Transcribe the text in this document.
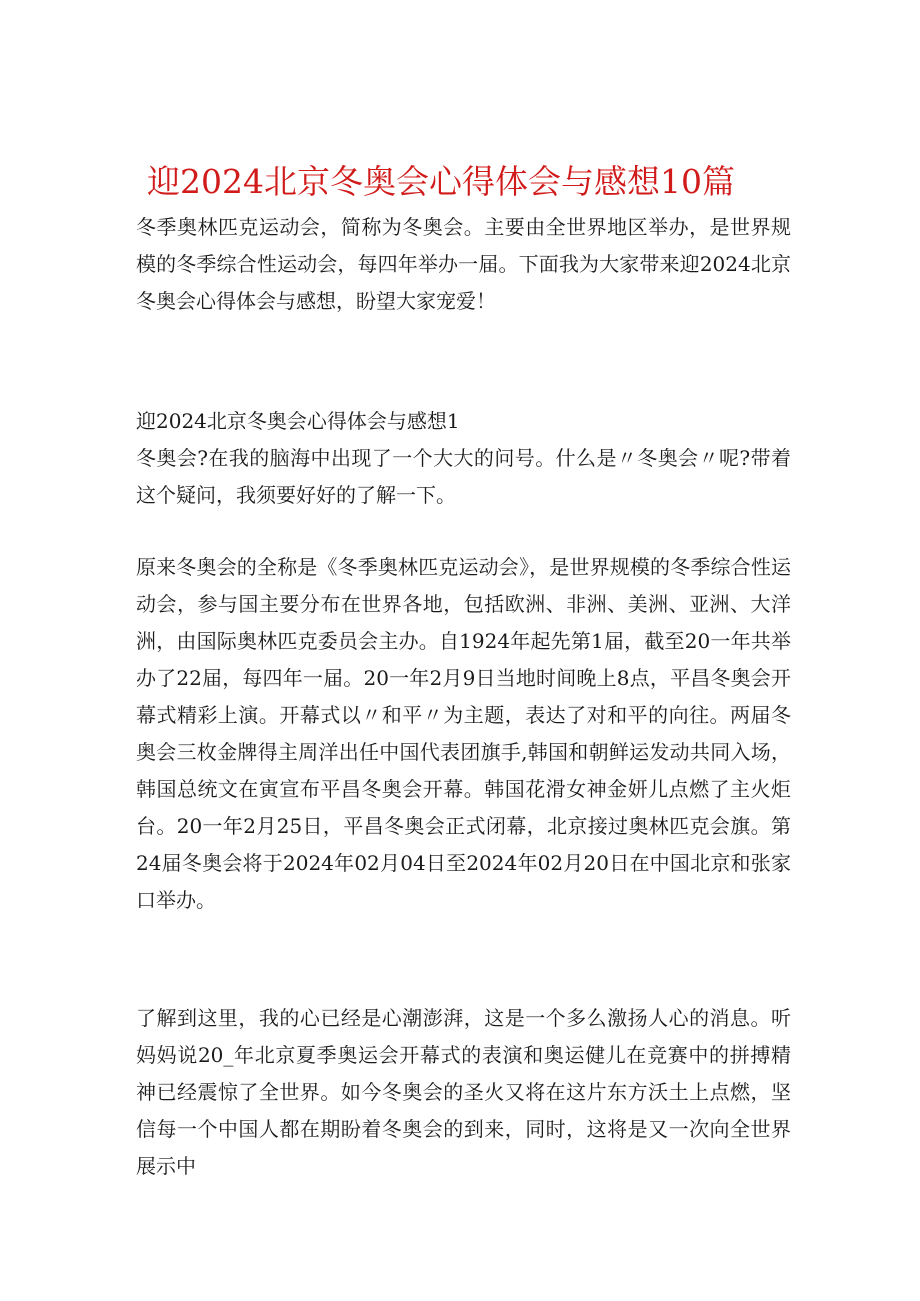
迎2024北京冬奥会心得体会与感想10篇

冬季奥林匹克运动会，简称为冬奥会。主要由全世界地区举办，是世界规模的冬季综合性运动会，每四年举办一届。下面我为大家带来迎2024北京冬奥会心得体会与感想，盼望大家宠爱！

迎2024北京冬奥会心得体会与感想1

冬奥会?在我的脑海中出现了一个大大的问号。什么是〃冬奥会〃呢?带着这个疑问，我须要好好的了解一下。

原来冬奥会的全称是《冬季奥林匹克运动会》，是世界规模的冬季综合性运动会，参与国主要分布在世界各地，包括欧洲、非洲、美洲、亚洲、大洋洲，由国际奥林匹克委员会主办。自1924年起先第1届，截至20一年共举办了22届，每四年一届。20一年2月9日当地时间晚上8点，平昌冬奥会开幕式精彩上演。开幕式以〃和平〃为主题，表达了对和平的向往。两届冬奥会三枚金牌得主周洋出任中国代表团旗手,韩国和朝鲜运发动共同入场，韩国总统文在寅宣布平昌冬奥会开幕。韩国花滑女神金妍儿点燃了主火炬台。20一年2月25日，平昌冬奥会正式闭幕，北京接过奥林匹克会旗。第24届冬奥会将于2024年02月04日至2024年02月20日在中国北京和张家口举办。

了解到这里，我的心已经是心潮澎湃，这是一个多么激扬人心的消息。听妈妈说20_年北京夏季奥运会开幕式的表演和奥运健儿在竞赛中的拼搏精神已经震惊了全世界。如今冬奥会的圣火又将在这片东方沃土上点燃，坚信每一个中国人都在期盼着冬奥会的到来，同时，这将是又一次向全世界展示中
